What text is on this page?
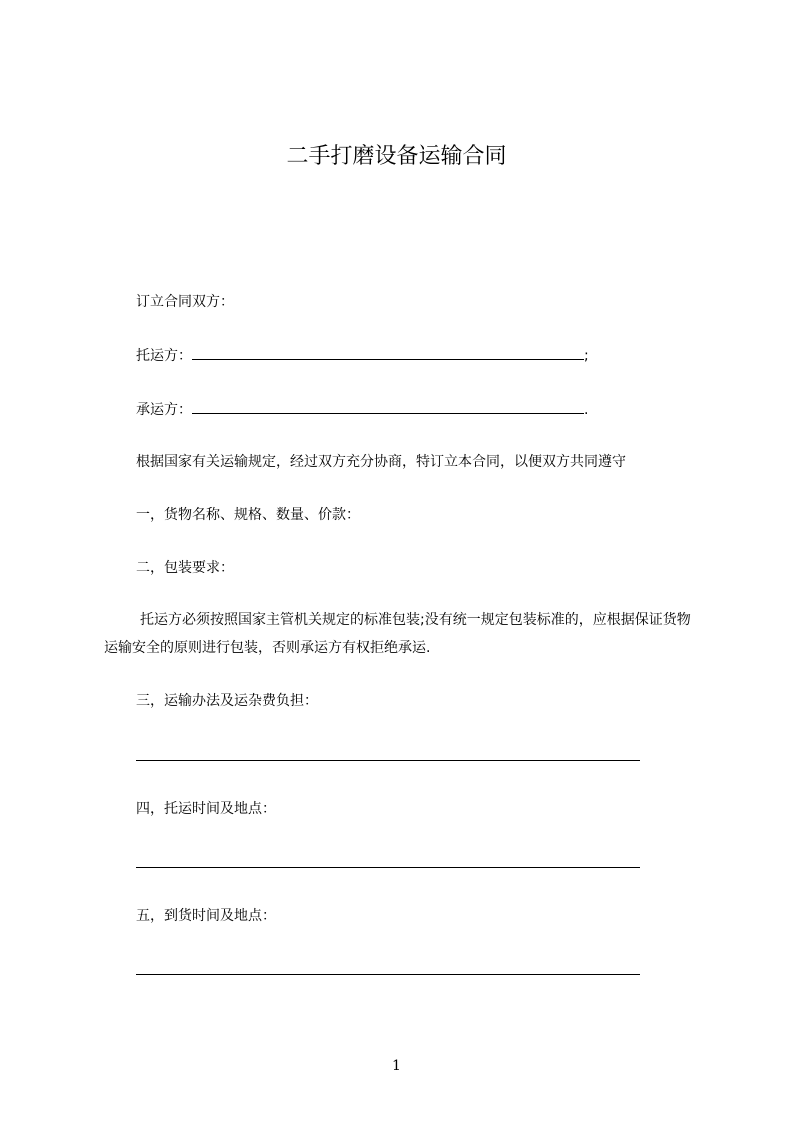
二手打磨设备运输合同
订立合同双方：
托运方：	;
承运方：	.
根据国家有关运输规定，经过双方充分协商，特订立本合同，以便双方共同遵守
一，货物名称、规格、数量、价款：
二，包装要求：
托运方必须按照国家主管机关规定的标准包装;没有统一规定包装标准的，应根据保证货物运输安全的原则进行包装，否则承运方有权拒绝承运.
三，运输办法及运杂费负担：
四，托运时间及地点：
五，到货时间及地点：
1
